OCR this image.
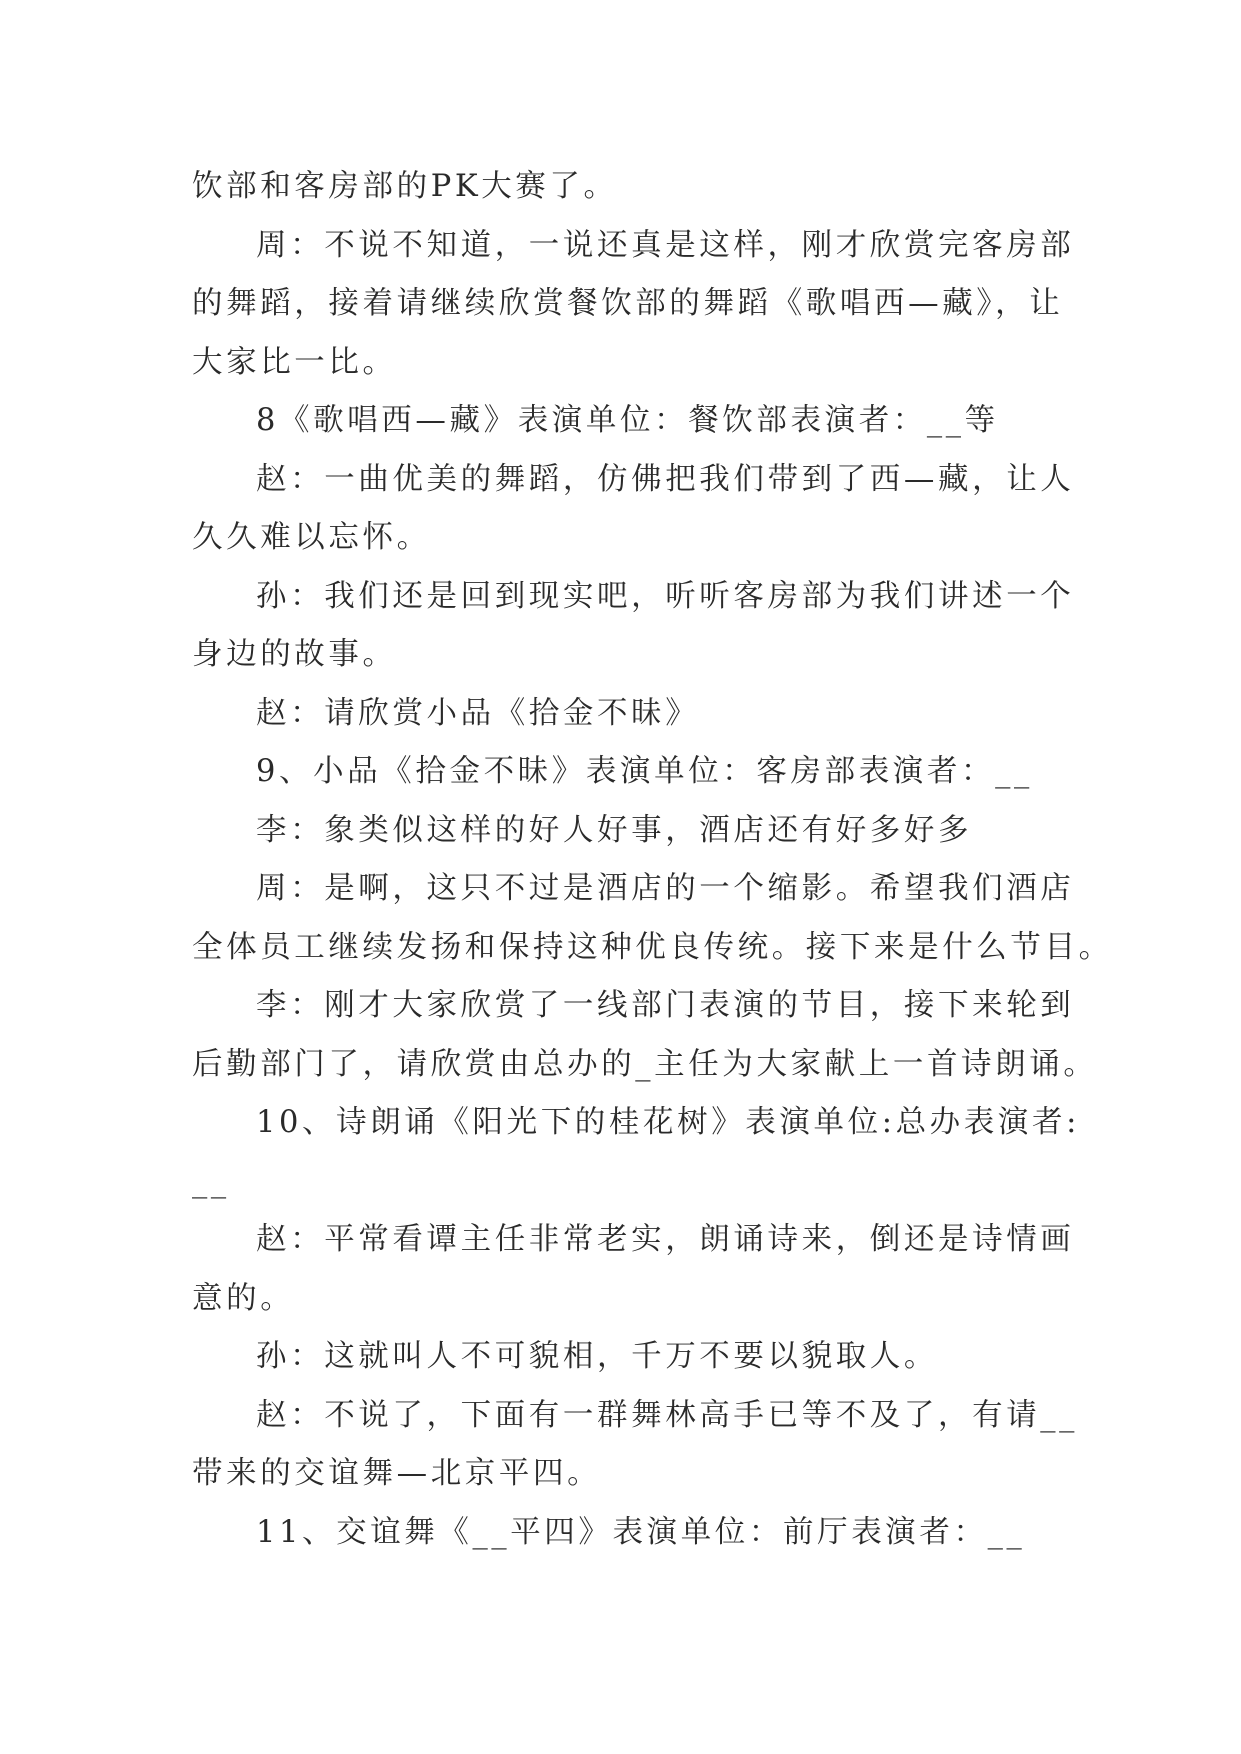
饮部和客房部的PK大赛了。
周：不说不知道，一说还真是这样，刚才欣赏完客房部
的舞蹈，接着请继续欣赏餐饮部的舞蹈《歌唱西—藏》，让
大家比一比。
8《歌唱西—藏》表演单位：餐饮部表演者：__等
赵：一曲优美的舞蹈，仿佛把我们带到了西—藏，让人
久久难以忘怀。
孙：我们还是回到现实吧，听听客房部为我们讲述一个
身边的故事。
赵：请欣赏小品《拾金不昧》
9、小品《拾金不昧》表演单位：客房部表演者：__
李：象类似这样的好人好事，酒店还有好多好多
周：是啊，这只不过是酒店的一个缩影。希望我们酒店
全体员工继续发扬和保持这种优良传统。接下来是什么节目。
李：刚才大家欣赏了一线部门表演的节目，接下来轮到
后勤部门了，请欣赏由总办的_主任为大家献上一首诗朗诵。
10、诗朗诵《阳光下的桂花树》表演单位:总办表演者:
__
赵：平常看谭主任非常老实，朗诵诗来，倒还是诗情画
意的。
孙：这就叫人不可貌相，千万不要以貌取人。
赵：不说了，下面有一群舞林高手已等不及了，有请__
带来的交谊舞—北京平四。
11、交谊舞《__平四》表演单位：前厅表演者：__
